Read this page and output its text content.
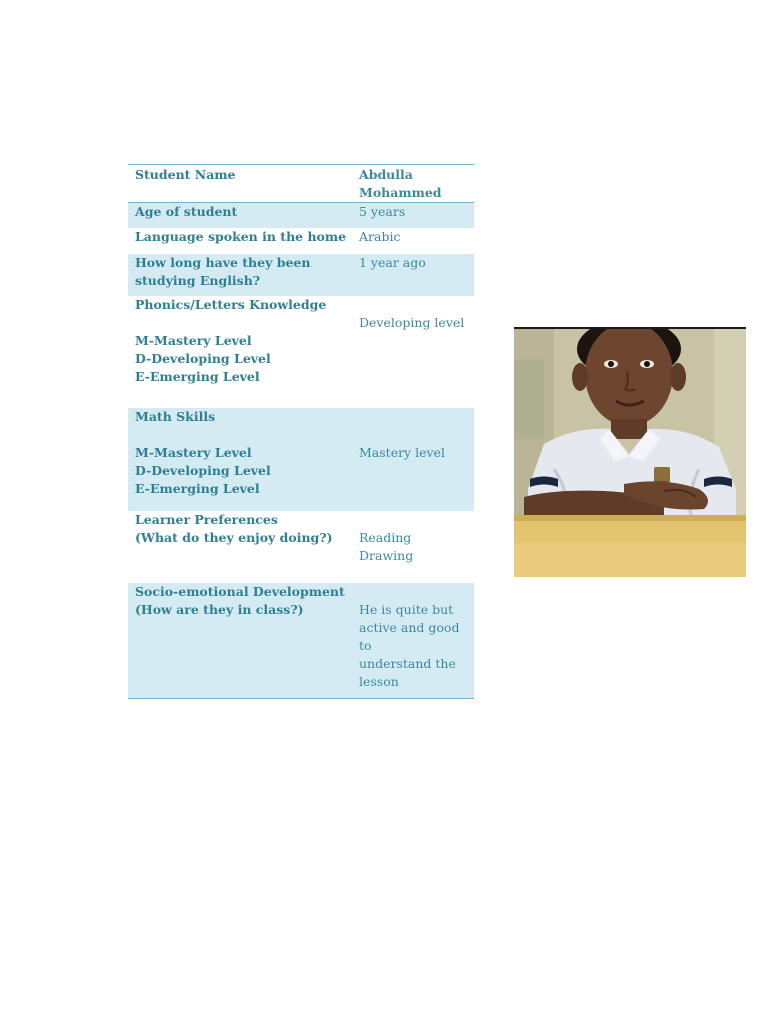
Student Name	Abdulla
Mohammed

Age of student	5 years
Language spoken in the home	Arabic

How long have they been
studying English?	1 year ago

Phonics/Letters Knowledge
M-Mastery Level
D-Developing Level
E-Emerging Level	Developing level

Math Skills
M-Mastery Level
D-Developing Level
E-Emerging Level	Mastery level

Learner Preferences
(What do they enjoy doing?)	Reading
Drawing

Socio-emotional Development
(How are they in class?)	He is quite but
active and good to
understand the
lesson
